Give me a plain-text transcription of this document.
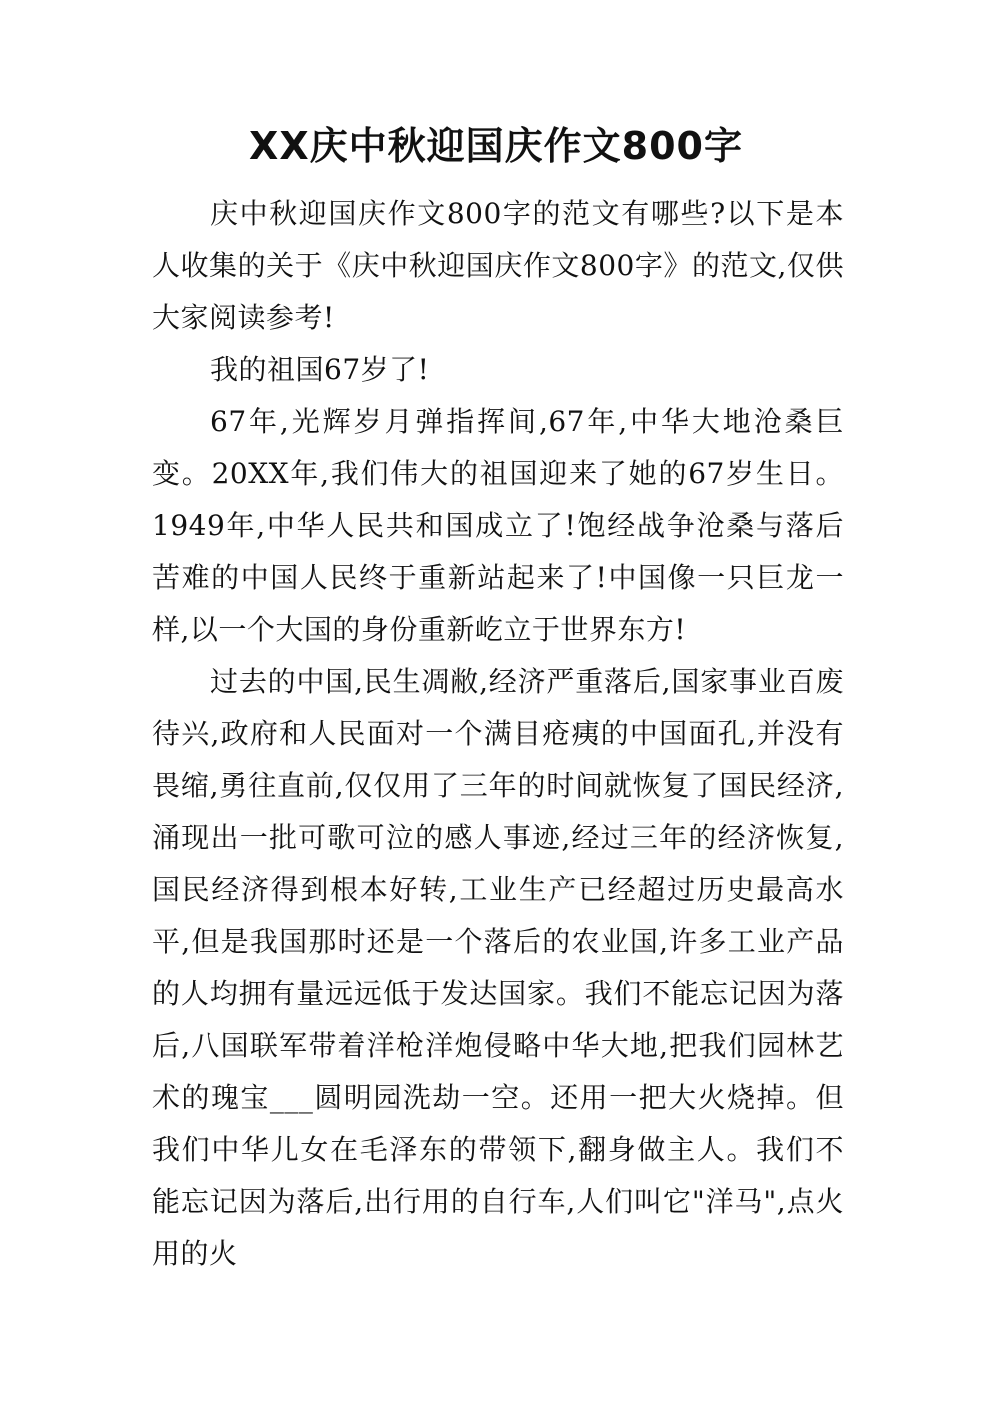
XX庆中秋迎国庆作文800字

庆中秋迎国庆作文800字的范文有哪些?以下是本人收集的关于《庆中秋迎国庆作文800字》的范文,仅供大家阅读参考!

我的祖国67岁了!

67年,光辉岁月弹指挥间,67年,中华大地沧桑巨变。20XX年,我们伟大的祖国迎来了她的67岁生日。 1949年,中华人民共和国成立了!饱经战争沧桑与落后苦难的中国人民终于重新站起来了!中国像一只巨龙一样,以一个大国的身份重新屹立于世界东方!

过去的中国,民生凋敝,经济严重落后,国家事业百废待兴,政府和人民面对一个满目疮痍的中国面孔,并没有畏缩,勇往直前,仅仅用了三年的时间就恢复了国民经济,涌现出一批可歌可泣的感人事迹,经过三年的经济恢复,国民经济得到根本好转,工业生产已经超过历史最高水平,但是我国那时还是一个落后的农业国,许多工业产品的人均拥有量远远低于发达国家。我们不能忘记因为落后,八国联军带着洋枪洋炮侵略中华大地,把我们园林艺术的瑰宝___圆明园洗劫一空。还用一把大火烧掉。但我们中华儿女在毛泽东的带领下,翻身做主人。我们不能忘记因为落后,出行用的自行车,人们叫它"洋马",点火用的火
